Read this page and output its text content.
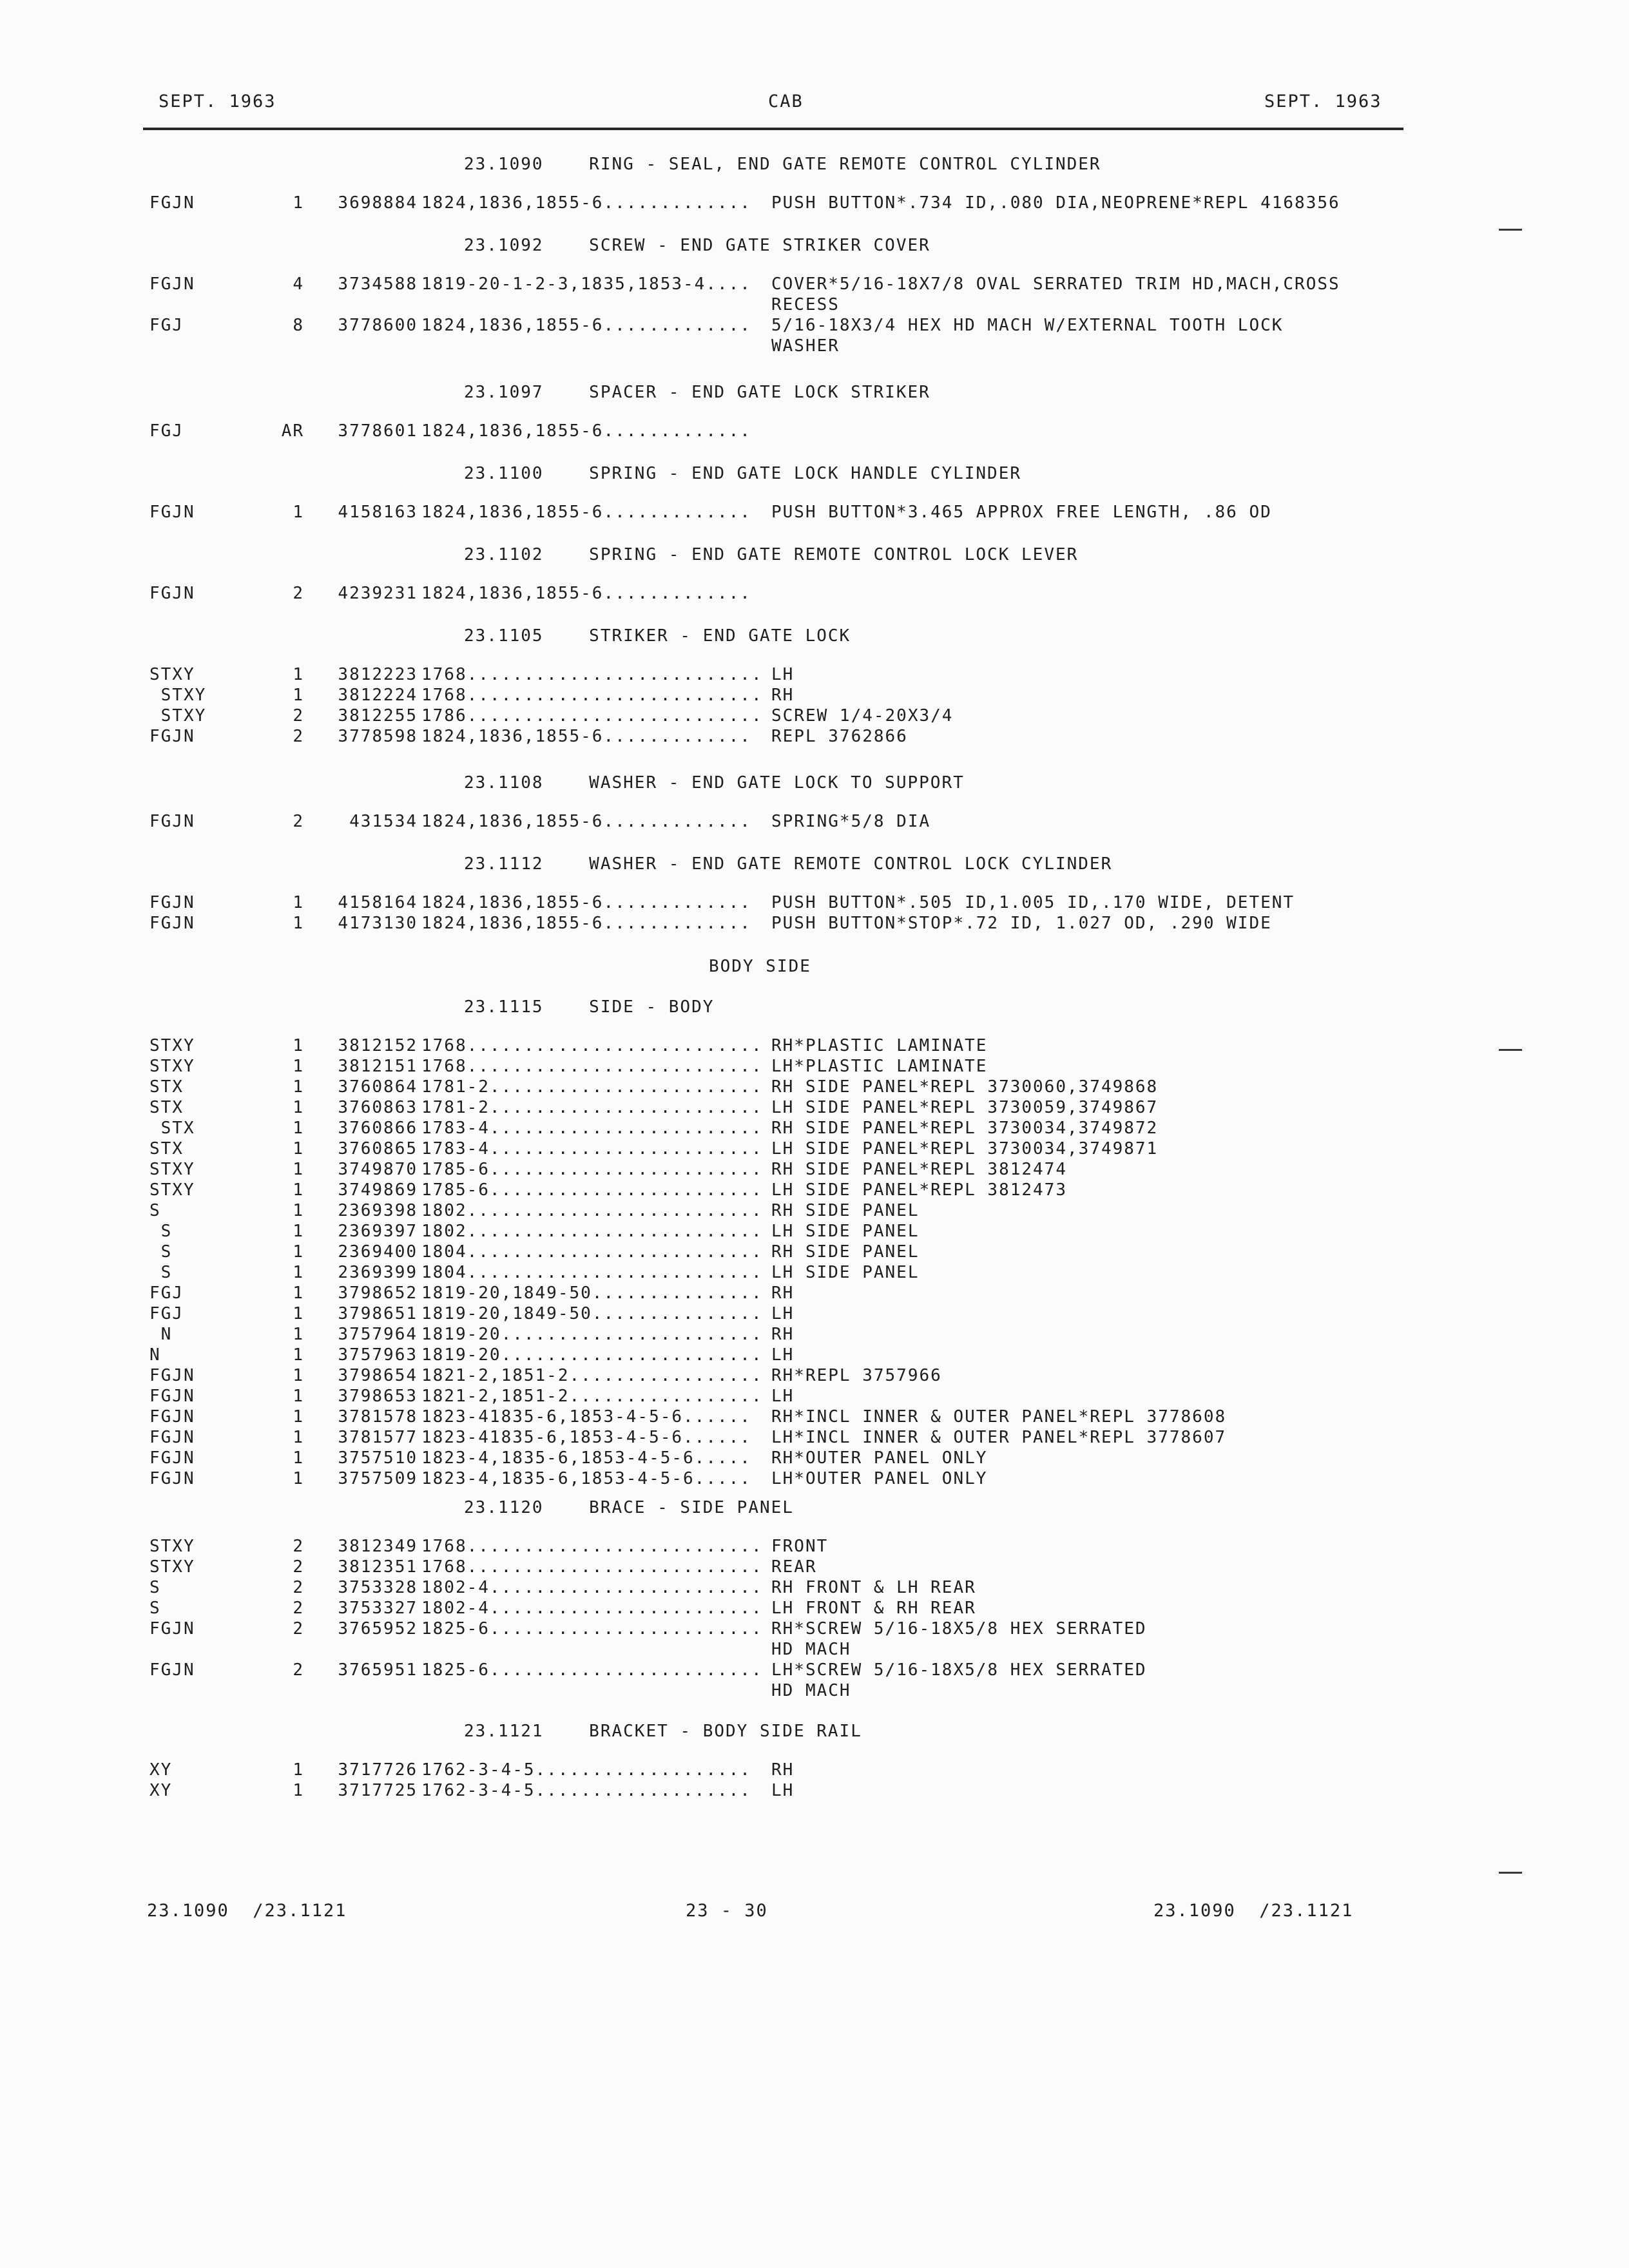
SEPT. 1963	CAB	SEPT. 1963
23.1090    RING - SEAL, END GATE REMOTE CONTROL CYLINDER
FGJN	1	3698884 1824,1836,1855-6............. PUSH BUTTON*.734 ID,.080 DIA,NEOPRENE*REPL 4168356
23.1092    SCREW - END GATE STRIKER COVER
FGJN	4	3734588 1819-20-1-2-3,1835,1853-4.... COVER*5/16-18X7/8 OVAL SERRATED TRIM HD,MACH,CROSS
RECESS
FGJ	8	3778600 1824,1836,1855-6............. 5/16-18X3/4 HEX HD MACH W/EXTERNAL TOOTH LOCK
WASHER
23.1097    SPACER - END GATE LOCK STRIKER
FGJ	AR	3778601 1824,1836,1855-6.............
23.1100    SPRING - END GATE LOCK HANDLE CYLINDER
FGJN	1	4158163 1824,1836,1855-6............. PUSH BUTTON*3.465 APPROX FREE LENGTH, .86 OD
23.1102    SPRING - END GATE REMOTE CONTROL LOCK LEVER
FGJN	2	4239231 1824,1836,1855-6.............
23.1105    STRIKER - END GATE LOCK
STXY	1	3812223 1768.......................... LH
STXY	1	3812224 1768.......................... RH
STXY	2	3812255 1786.......................... SCREW 1/4-20X3/4
FGJN	2	3778598 1824,1836,1855-6............. REPL 3762866
23.1108    WASHER - END GATE LOCK TO SUPPORT
FGJN	2	431534 1824,1836,1855-6............. SPRING*5/8 DIA
23.1112    WASHER - END GATE REMOTE CONTROL LOCK CYLINDER
FGJN	1	4158164 1824,1836,1855-6............. PUSH BUTTON*.505 ID,1.005 ID,.170 WIDE, DETENT
FGJN	1	4173130 1824,1836,1855-6............. PUSH BUTTON*STOP*.72 ID, 1.027 OD, .290 WIDE
BODY SIDE
23.1115    SIDE - BODY
STXY	1	3812152 1768.......................... RH*PLASTIC LAMINATE
STXY	1	3812151 1768.......................... LH*PLASTIC LAMINATE
STX	1	3760864 1781-2........................ RH SIDE PANEL*REPL 3730060,3749868
STX	1	3760863 1781-2........................ LH SIDE PANEL*REPL 3730059,3749867
STX	1	3760866 1783-4........................ RH SIDE PANEL*REPL 3730034,3749872
STX	1	3760865 1783-4........................ LH SIDE PANEL*REPL 3730034,3749871
STXY	1	3749870 1785-6........................ RH SIDE PANEL*REPL 3812474
STXY	1	3749869 1785-6........................ LH SIDE PANEL*REPL 3812473
S	1	2369398 1802.......................... RH SIDE PANEL
S	1	2369397 1802.......................... LH SIDE PANEL
S	1	2369400 1804.......................... RH SIDE PANEL
S	1	2369399 1804.......................... LH SIDE PANEL
FGJ	1	3798652 1819-20,1849-50............... RH
FGJ	1	3798651 1819-20,1849-50............... LH
N	1	3757964 1819-20....................... RH
N	1	3757963 1819-20....................... LH
FGJN	1	3798654 1821-2,1851-2................. RH*REPL 3757966
FGJN	1	3798653 1821-2,1851-2................. LH
FGJN	1	3781578 1823-41835-6,1853-4-5-6...... RH*INCL INNER & OUTER PANEL*REPL 3778608
FGJN	1	3781577 1823-41835-6,1853-4-5-6...... LH*INCL INNER & OUTER PANEL*REPL 3778607
FGJN	1	3757510 1823-4,1835-6,1853-4-5-6..... RH*OUTER PANEL ONLY
FGJN	1	3757509 1823-4,1835-6,1853-4-5-6..... LH*OUTER PANEL ONLY
23.1120    BRACE - SIDE PANEL
STXY	2	3812349 1768.......................... FRONT
STXY	2	3812351 1768.......................... REAR
S	2	3753328 1802-4........................ RH FRONT & LH REAR
S	2	3753327 1802-4........................ LH FRONT & RH REAR
FGJN	2	3765952 1825-6........................ RH*SCREW 5/16-18X5/8 HEX SERRATED
HD MACH
FGJN	2	3765951 1825-6........................ LH*SCREW 5/16-18X5/8 HEX SERRATED
HD MACH
23.1121    BRACKET - BODY SIDE RAIL
XY	1	3717726 1762-3-4-5................... RH
XY	1	3717725 1762-3-4-5................... LH
23.1090  /23.1121	23 - 30	23.1090  /23.1121
